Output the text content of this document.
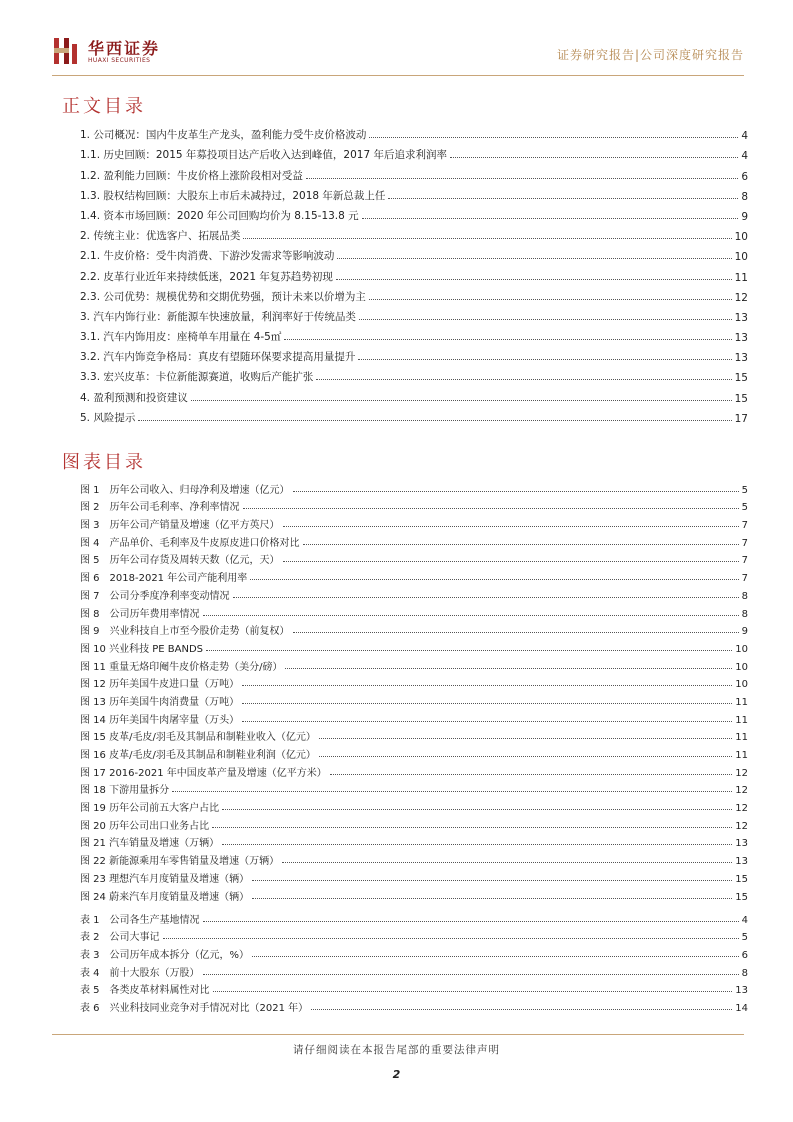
华西证券
HUAXI SECURITIES	证券研究报告|公司深度研究报告
正文目录
1. 公司概况：国内牛皮革生产龙头，盈利能力受牛皮价格波动	4
1.1. 历史回顾：2015 年募投项目达产后收入达到峰值，2017 年后追求利润率	4
1.2. 盈利能力回顾：牛皮价格上涨阶段相对受益	6
1.3. 股权结构回顾：大股东上市后未减持过，2018 年新总裁上任	8
1.4. 资本市场回顾：2020 年公司回购均价为 8.15-13.8 元	9
2. 传统主业：优选客户、拓展品类	10
2.1. 牛皮价格：受牛肉消费、下游沙发需求等影响波动	10
2.2. 皮革行业近年来持续低迷，2021 年复苏趋势初现	11
2.3. 公司优势：规模优势和交期优势强，预计未来以价增为主	12
3. 汽车内饰行业：新能源车快速放量，利润率好于传统品类	13
3.1. 汽车内饰用皮：座椅单车用量在 4-5㎡	13
3.2. 汽车内饰竞争格局：真皮有望随环保要求提高用量提升	13
3.3. 宏兴皮革：卡位新能源赛道，收购后产能扩张	15
4. 盈利预测和投资建议	15
5. 风险提示	17
图表目录
图 1　历年公司收入、归母净利及增速（亿元）	5
图 2　历年公司毛利率、净利率情况	5
图 3　历年公司产销量及增速（亿平方英尺）	7
图 4　产品单价、毛利率及牛皮原皮进口价格对比	7
图 5　历年公司存货及周转天数（亿元，天）	7
图 6　2018-2021 年公司产能利用率	7
图 7　公司分季度净利率变动情况	8
图 8　公司历年费用率情况	8
图 9　兴业科技自上市至今股价走势（前复权）	9
图 10 兴业科技 PE BANDS	10
图 11 重量无烙印阉牛皮价格走势（美分/磅）	10
图 12 历年美国牛皮进口量（万吨）	10
图 13 历年美国牛肉消费量（万吨）	11
图 14 历年美国牛肉屠宰量（万头）	11
图 15 皮革/毛皮/羽毛及其制品和制鞋业收入（亿元）	11
图 16 皮革/毛皮/羽毛及其制品和制鞋业利润（亿元）	11
图 17 2016-2021 年中国皮革产量及增速（亿平方米）	12
图 18 下游用量拆分	12
图 19 历年公司前五大客户占比	12
图 20 历年公司出口业务占比	12
图 21 汽车销量及增速（万辆）	13
图 22 新能源乘用车零售销量及增速（万辆）	13
图 23 理想汽车月度销量及增速（辆）	15
图 24 蔚来汽车月度销量及增速（辆）	15
表 1　公司各生产基地情况	4
表 2　公司大事记	5
表 3　公司历年成本拆分（亿元，%）	6
表 4　前十大股东（万股）	8
表 5　各类皮革材料属性对比	13
表 6　兴业科技同业竞争对手情况对比（2021 年）	14
请仔细阅读在本报告尾部的重要法律声明
2
